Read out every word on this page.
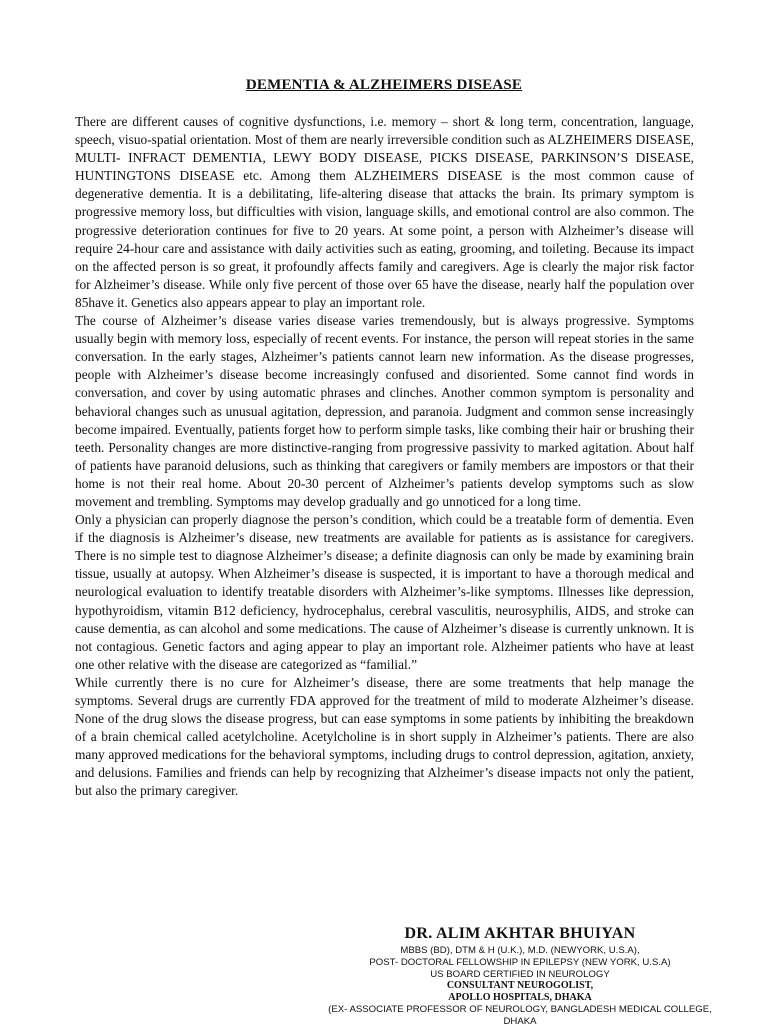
DEMENTIA & ALZHEIMERS DISEASE

There are different causes of cognitive dysfunctions, i.e. memory – short & long term, concentration, language, speech, visuo-spatial orientation. Most of them are nearly irreversible condition such as ALZHEIMERS DISEASE, MULTI- INFRACT DEMENTIA, LEWY BODY DISEASE, PICKS DISEASE, PARKINSON’S DISEASE, HUNTINGTONS DISEASE etc. Among them ALZHEIMERS DISEASE is the most common cause of degenerative dementia. It is a debilitating, life-altering disease that attacks the brain. Its primary symptom is progressive memory loss, but difficulties with vision, language skills, and emotional control are also common. The progressive deterioration continues for five to 20 years. At some point, a person with Alzheimer’s disease will require 24-hour care and assistance with daily activities such as eating, grooming, and toileting. Because its impact on the affected person is so great, it profoundly affects family and caregivers. Age is clearly the major risk factor for Alzheimer’s disease. While only five percent of those over 65 have the disease, nearly half the population over 85have it. Genetics also appears appear to play an important role.

The course of Alzheimer’s disease varies disease varies tremendously, but is always progressive. Symptoms usually begin with memory loss, especially of recent events. For instance, the person will repeat stories in the same conversation. In the early stages, Alzheimer’s patients cannot learn new information. As the disease progresses, people with Alzheimer’s disease become increasingly confused and disoriented. Some cannot find words in conversation, and cover by using automatic phrases and clinches. Another common symptom is personality and behavioral changes such as unusual agitation, depression, and paranoia. Judgment and common sense increasingly become impaired. Eventually, patients forget how to perform simple tasks, like combing their hair or brushing their teeth. Personality changes are more distinctive-ranging from progressive passivity to marked agitation. About half of patients have paranoid delusions, such as thinking that caregivers or family members are impostors or that their home is not their real home. About 20-30 percent of Alzheimer’s patients develop symptoms such as slow movement and trembling. Symptoms may develop gradually and go unnoticed for a long time.

Only a physician can properly diagnose the person’s condition, which could be a treatable form of dementia. Even if the diagnosis is Alzheimer’s disease, new treatments are available for patients as is assistance for caregivers. There is no simple test to diagnose Alzheimer’s disease; a definite diagnosis can only be made by examining brain tissue, usually at autopsy. When Alzheimer’s disease is suspected, it is important to have a thorough medical and neurological evaluation to identify treatable disorders with Alzheimer’s-like symptoms. Illnesses like depression, hypothyroidism, vitamin B12 deficiency, hydrocephalus, cerebral vasculitis, neurosyphilis, AIDS, and stroke can cause dementia, as can alcohol and some medications. The cause of Alzheimer’s disease is currently unknown. It is not contagious. Genetic factors and aging appear to play an important role. Alzheimer patients who have at least one other relative with the disease are categorized as “familial.”

While currently there is no cure for Alzheimer’s disease, there are some treatments that help manage the symptoms. Several drugs are currently FDA approved for the treatment of mild to moderate Alzheimer’s disease. None of the drug slows the disease progress, but can ease symptoms in some patients by inhibiting the breakdown of a brain chemical called acetylcholine. Acetylcholine is in short supply in Alzheimer’s patients. There are also many approved medications for the behavioral symptoms, including drugs to control depression, agitation, anxiety, and delusions. Families and friends can help by recognizing that Alzheimer’s disease impacts not only the patient, but also the primary caregiver.

DR. ALIM AKHTAR BHUIYAN

MBBS (BD), DTM & H (U.K.), M.D. (NEWYORK, U.S.A),

POST- DOCTORAL FELLOWSHIP IN EPILEPSY (NEW YORK, U.S.A)

US BOARD CERTIFIED IN NEUROLOGY

CONSULTANT NEUROGOLIST,

APOLLO HOSPITALS, DHAKA

(EX- ASSOCIATE PROFESSOR OF NEUROLOGY, BANGLADESH MEDICAL COLLEGE,

DHAKA
